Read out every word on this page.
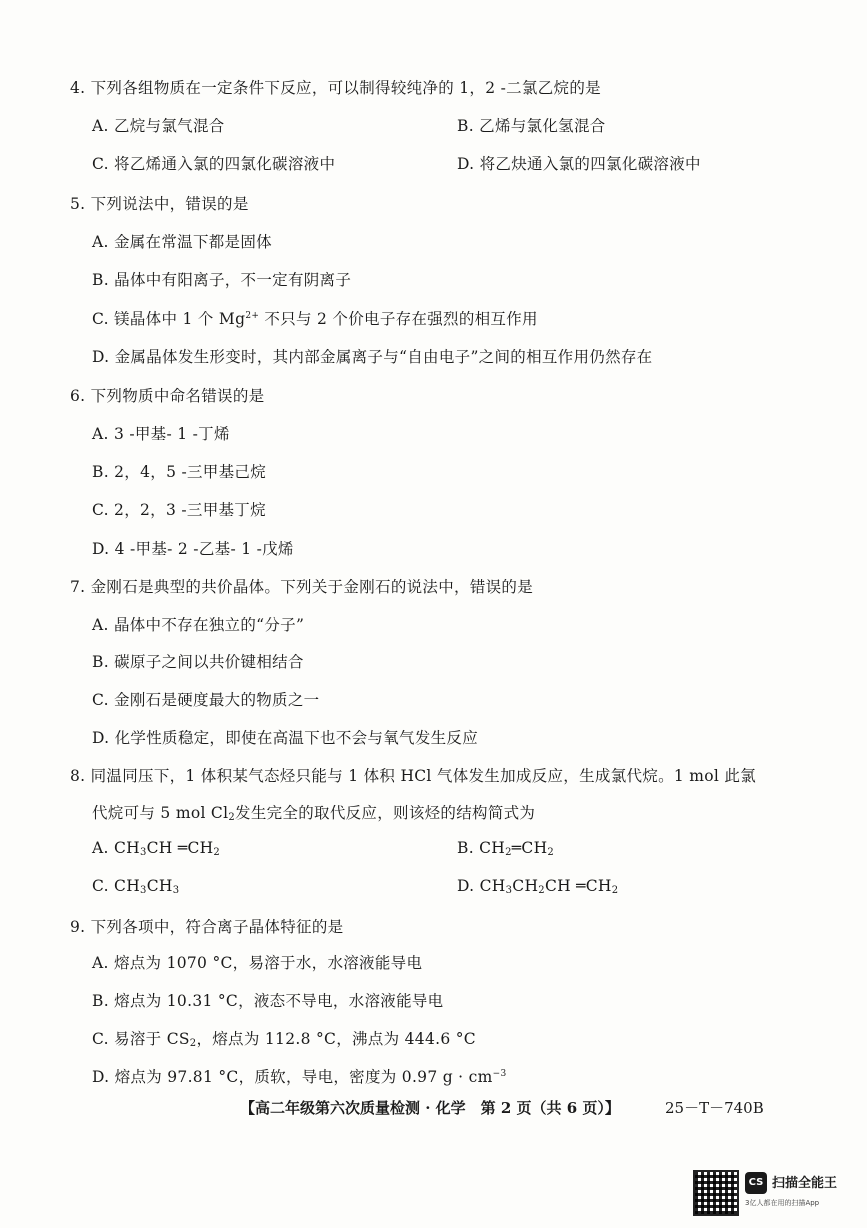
4. 下列各组物质在一定条件下反应，可以制得较纯净的 1，2 -二氯乙烷的是
A. 乙烷与氯气混合	B. 乙烯与氯化氢混合
C. 将乙烯通入氯的四氯化碳溶液中	D. 将乙炔通入氯的四氯化碳溶液中
5. 下列说法中，错误的是
A. 金属在常温下都是固体
B. 晶体中有阳离子，不一定有阴离子
C. 镁晶体中 1 个 $Mg^{2+}$ 不只与 2 个价电子存在强烈的相互作用
D. 金属晶体发生形变时，其内部金属离子与“自由电子”之间的相互作用仍然存在
6. 下列物质中命名错误的是
A. 3 -甲基- 1 -丁烯
B. 2，4，5 -三甲基己烷
C. 2，2，3 -三甲基丁烷
D. 4 -甲基- 2 -乙基- 1 -戊烯
7. 金刚石是典型的共价晶体。下列关于金刚石的说法中，错误的是
A. 晶体中不存在独立的“分子”
B. 碳原子之间以共价键相结合
C. 金刚石是硬度最大的物质之一
D. 化学性质稳定，即使在高温下也不会与氧气发生反应
8. 同温同压下，1 体积某气态烃只能与 1 体积 HCl 气体发生加成反应，生成氯代烷。1 mol 此氯
代烷可与 5 mol $Cl_2$发生完全的取代反应，则该烃的结构简式为
A. $CH_3CH$ $═CH_2$	B. $CH_2═CH_2$
C. $CH_3CH_3$	D. $CH_3CH_2CH$ $═CH_2$
9. 下列各项中，符合离子晶体特征的是
A. 熔点为 1070 °C，易溶于水，水溶液能导电
B. 熔点为 10.31 °C，液态不导电，水溶液能导电
C. 易溶于 $CS_2$，熔点为 112.8 °C，沸点为 444.6 °C
D. 熔点为 97.81 °C，质软，导电，密度为 0.97 $g \cdot cm^{-3}$
【高二年级第六次质量检测 · 化学　第 2 页（共 6 页）】	25－T－740B
CS 扫描全能王
3亿人都在用的扫描App
